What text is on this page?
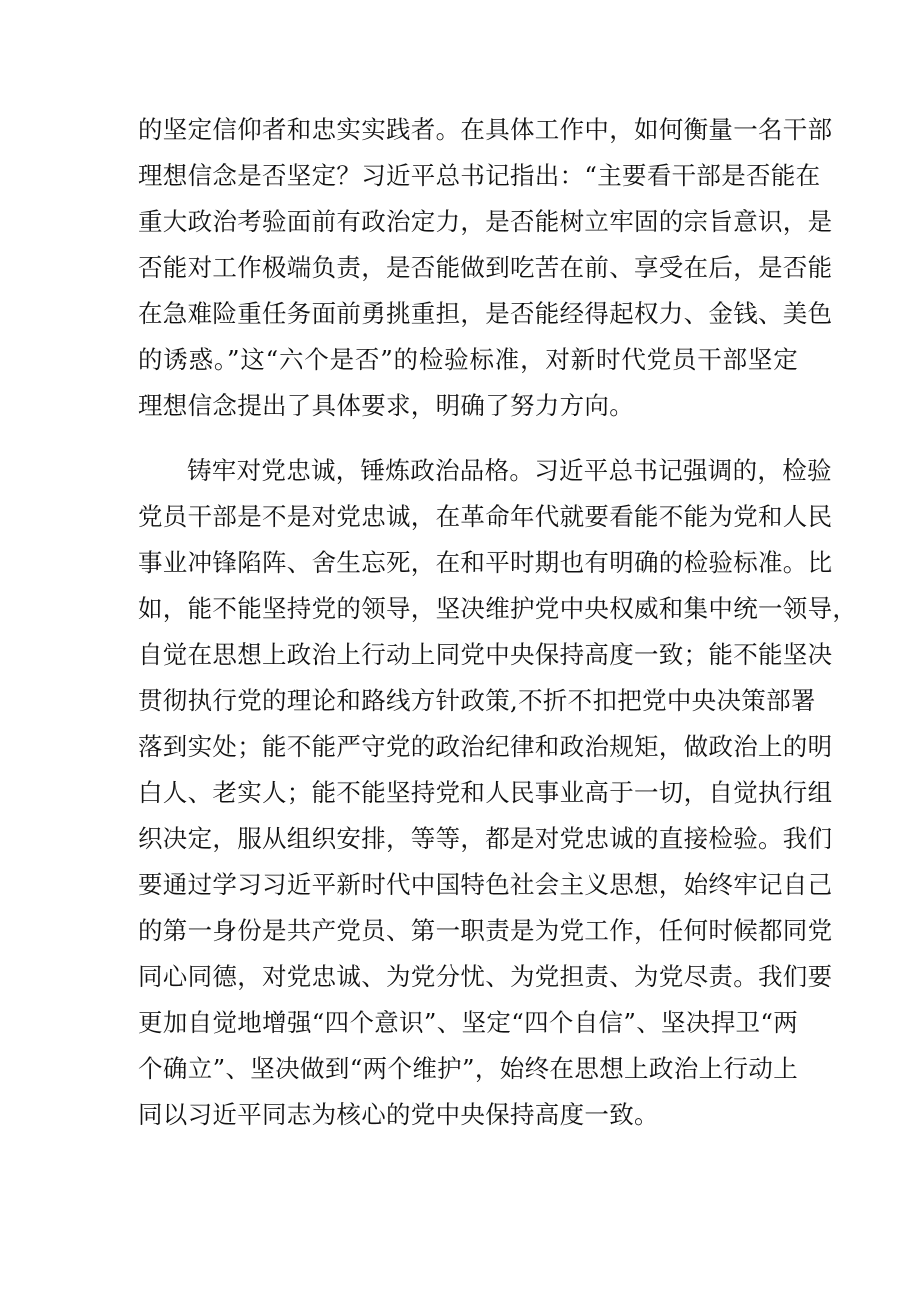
的坚定信仰者和忠实实践者。在具体工作中，如何衡量一名干部
理想信念是否坚定？习近平总书记指出：“主要看干部是否能在
重大政治考验面前有政治定力，是否能树立牢固的宗旨意识，是
否能对工作极端负责，是否能做到吃苦在前、享受在后，是否能
在急难险重任务面前勇挑重担，是否能经得起权力、金钱、美色
的诱惑。”这“六个是否”的检验标准，对新时代党员干部坚定
理想信念提出了具体要求，明确了努力方向。
铸牢对党忠诚，锤炼政治品格。习近平总书记强调的，检验
党员干部是不是对党忠诚，在革命年代就要看能不能为党和人民
事业冲锋陷阵、舍生忘死，在和平时期也有明确的检验标准。比
如，能不能坚持党的领导，坚决维护党中央权威和集中统一领导，
自觉在思想上政治上行动上同党中央保持高度一致；能不能坚决
贯彻执行党的理论和路线方针政策,不折不扣把党中央决策部署
落到实处；能不能严守党的政治纪律和政治规矩，做政治上的明
白人、老实人；能不能坚持党和人民事业高于一切，自觉执行组
织决定，服从组织安排，等等，都是对党忠诚的直接检验。我们
要通过学习习近平新时代中国特色社会主义思想，始终牢记自己
的第一身份是共产党员、第一职责是为党工作，任何时候都同党
同心同德，对党忠诚、为党分忧、为党担责、为党尽责。我们要
更加自觉地增强“四个意识”、坚定“四个自信”、坚决捍卫“两
个确立”、坚决做到“两个维护”，始终在思想上政治上行动上
同以习近平同志为核心的党中央保持高度一致。
